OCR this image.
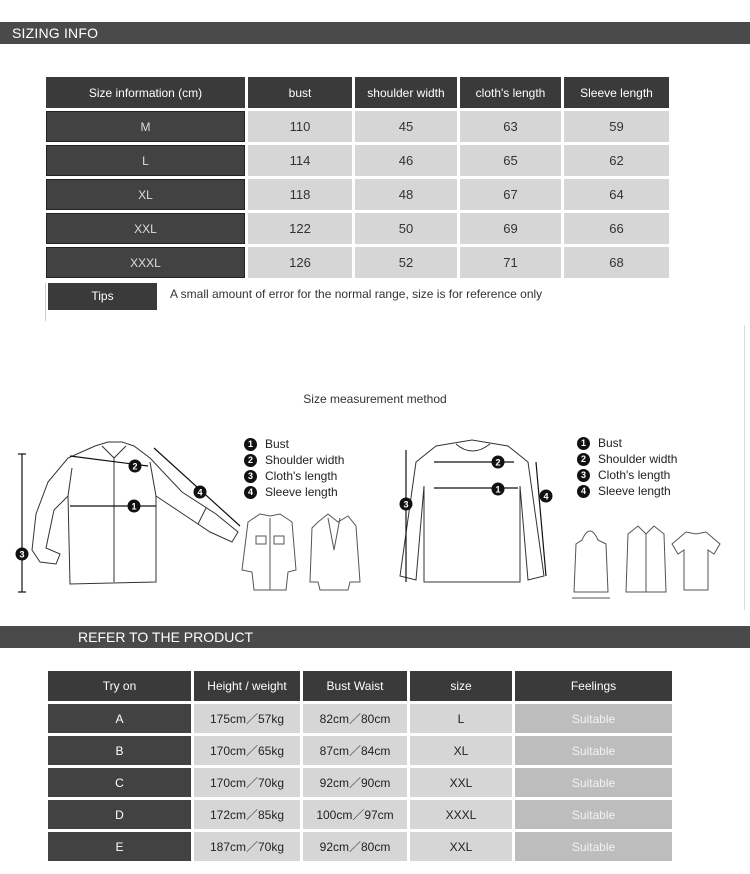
SIZING INFO
Size information (cm)	bust	shoulder width	cloth's length	Sleeve length
M	110	45	63	59
L	114	46	65	62
XL	118	48	67	64
XXL	122	50	69	66
XXXL	126	52	71	68
Tips	A small amount of error for the normal range, size is for reference only
Size measurement method
2
1
4
3
1 Bust
2 Shoulder width
3 Cloth's length
4 Sleeve length
2
1
3
4
1 Bust
2 Shoulder width
3 Cloth's length
4 Sleeve length
REFER TO THE PRODUCT
Try on	Height / weight	Bust Waist	size	Feelings
A	175cm／57kg	82cm／80cm	L	Suitable
B	170cm／65kg	87cm／84cm	XL	Suitable
C	170cm／70kg	92cm／90cm	XXL	Suitable
D	172cm／85kg	100cm／97cm	XXXL	Suitable
E	187cm／70kg	92cm／80cm	XXL	Suitable
